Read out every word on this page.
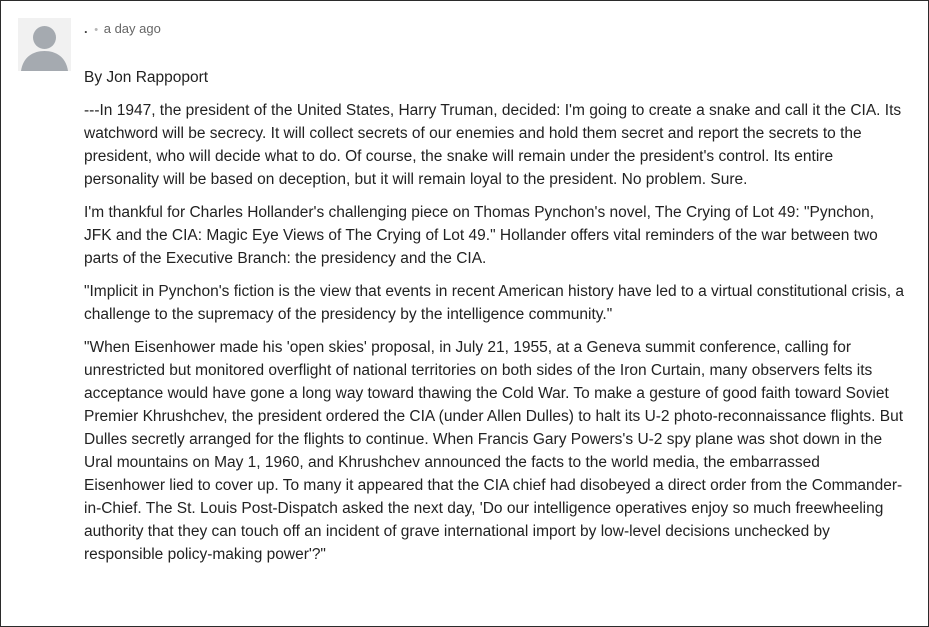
. • a day ago

By Jon Rappoport

---In 1947, the president of the United States, Harry Truman, decided: I'm going to create a snake and call it the CIA. Its watchword will be secrecy. It will collect secrets of our enemies and hold them secret and report the secrets to the president, who will decide what to do. Of course, the snake will remain under the president's control. Its entire personality will be based on deception, but it will remain loyal to the president. No problem. Sure.

I'm thankful for Charles Hollander's challenging piece on Thomas Pynchon's novel, The Crying of Lot 49: "Pynchon, JFK and the CIA: Magic Eye Views of The Crying of Lot 49." Hollander offers vital reminders of the war between two parts of the Executive Branch: the presidency and the CIA.

"Implicit in Pynchon's fiction is the view that events in recent American history have led to a virtual constitutional crisis, a challenge to the supremacy of the presidency by the intelligence community."

"When Eisenhower made his 'open skies' proposal, in July 21, 1955, at a Geneva summit conference, calling for unrestricted but monitored overflight of national territories on both sides of the Iron Curtain, many observers felts its acceptance would have gone a long way toward thawing the Cold War. To make a gesture of good faith toward Soviet Premier Khrushchev, the president ordered the CIA (under Allen Dulles) to halt its U-2 photo-reconnaissance flights. But Dulles secretly arranged for the flights to continue. When Francis Gary Powers's U-2 spy plane was shot down in the Ural mountains on May 1, 1960, and Khrushchev announced the facts to the world media, the embarrassed Eisenhower lied to cover up. To many it appeared that the CIA chief had disobeyed a direct order from the Commander-in-Chief. The St. Louis Post-Dispatch asked the next day, 'Do our intelligence operatives enjoy so much freewheeling authority that they can touch off an incident of grave international import by low-level decisions unchecked by responsible policy-making power'?"
